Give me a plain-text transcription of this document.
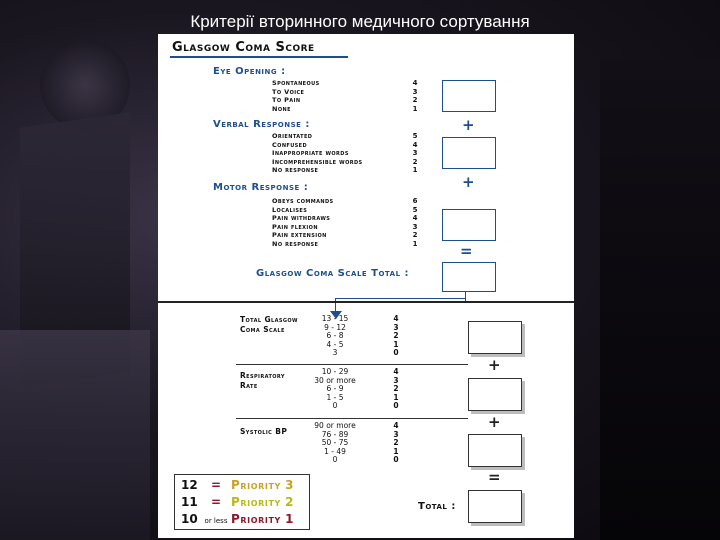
Критерії вторинного медичного сортування
Glasgow Coma Score
Eye Opening :
Spontaneous
To Voice
To Pain
None
4
3
2
1
+
Verbal Response :
Orientated
Confused
Inappropriate words
Incomprehensible words
No response
5
4
3
2
1
+
Motor Response :
Obeys commands
Localises
Pain withdraws
Pain flexion
Pain extension
No response
6
5
4
3
2
1	=
Glasgow Coma Scale Total :
Total Glasgow
Coma Scale
13 - 15
9 - 12
6 - 8
4 - 5
3
4
3
2
1
0
+
Respiratory
Rate
10 - 29
30 or more
6 - 9
1 - 5
0
4
3
2
1
0
+
Systolic BP
90 or more
76 - 89
50 - 75
1 - 49
0
4
3
2
1
0
=
12 = Priority 3
11 = Priority 2
10 or less Priority 1
Total :
